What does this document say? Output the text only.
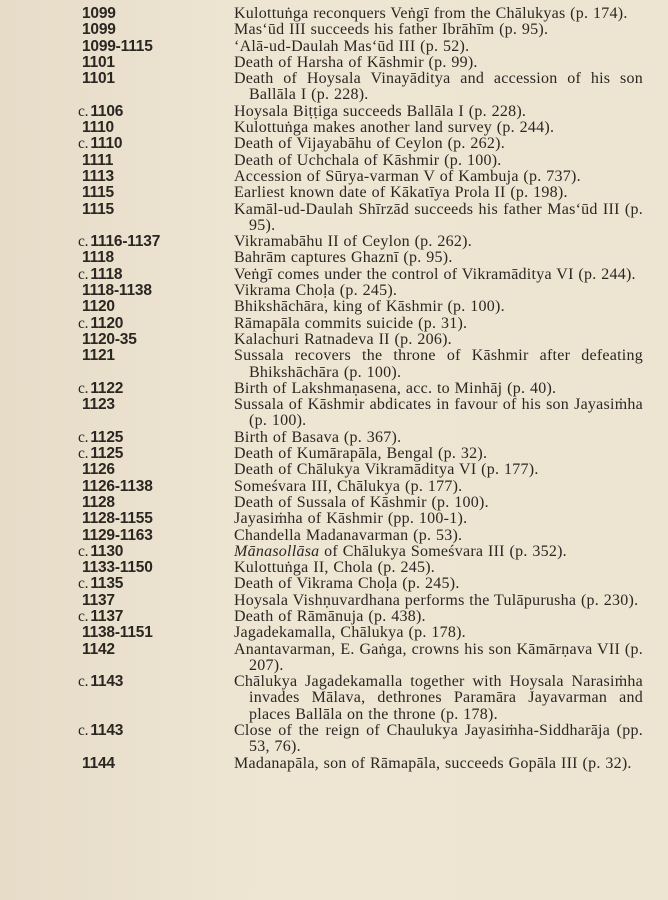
1099	Kulottuṅga reconquers Veṅgī from the Chālukyas (p. 174).
1099	Mas‘ūd III succeeds his father Ibrāhīm (p. 95).
1099-1115	‘Alā-ud-Daulah Mas‘ūd III (p. 52).
1101	Death of Harsha of Kāshmir (p. 99).
1101	Death of Hoysala Vinayāditya and accession of his son Ballāla I (p. 228).
c. 1106	Hoysala Biṭṭiga succeeds Ballāla I (p. 228).
1110	Kulottuṅga makes another land survey (p. 244).
c. 1110	Death of Vijayabāhu of Ceylon (p. 262).
1111	Death of Uchchala of Kāshmir (p. 100).
1113	Accession of Sūrya-varman V of Kambuja (p. 737).
1115	Earliest known date of Kākatīya Prola II (p. 198).
1115	Kamāl-ud-Daulah Shīrzād succeeds his father Mas‘ūd III (p. 95).
c. 1116-1137	Vikramabāhu II of Ceylon (p. 262).
1118	Bahrām captures Ghaznī (p. 95).
c. 1118	Veṅgī comes under the control of Vikramāditya VI (p. 244).
1118-1138	Vikrama Choḷa (p. 245).
1120	Bhikshāchāra, king of Kāshmir (p. 100).
c. 1120	Rāmapāla commits suicide (p. 31).
1120-35	Kalachuri Ratnadeva II (p. 206).
1121	Sussala recovers the throne of Kāshmir after defeating Bhikshāchāra (p. 100).
c. 1122	Birth of Lakshmaṇasena, acc. to Minhāj (p. 40).
1123	Sussala of Kāshmir abdicates in favour of his son Jayasiṁha (p. 100).
c. 1125	Birth of Basava (p. 367).
c. 1125	Death of Kumārapāla, Bengal (p. 32).
1126	Death of Chālukya Vikramāditya VI (p. 177).
1126-1138	Someśvara III, Chālukya (p. 177).
1128	Death of Sussala of Kāshmir (p. 100).
1128-1155	Jayasiṁha of Kāshmir (pp. 100-1).
1129-1163	Chandella Madanavarman (p. 53).
c. 1130	Mānasollāsa of Chālukya Someśvara III (p. 352).
1133-1150	Kulottuṅga II, Chola (p. 245).
c. 1135	Death of Vikrama Choḷa (p. 245).
1137	Hoysala Vishṇuvardhana performs the Tulāpurusha (p. 230).
c. 1137	Death of Rāmānuja (p. 438).
1138-1151	Jagadekamalla, Chālukya (p. 178).
1142	Anantavarman, E. Gaṅga, crowns his son Kāmārṇava VII (p. 207).
c. 1143	Chālukya Jagadekamalla together with Hoysala Narasiṁha invades Mālava, dethrones Paramāra Jayavarman and places Ballāla on the throne (p. 178).
c. 1143	Close of the reign of Chaulukya Jayasiṁha-Siddharāja (pp. 53, 76).
1144	Madanapāla, son of Rāmapāla, succeeds Gopāla III (p. 32).
